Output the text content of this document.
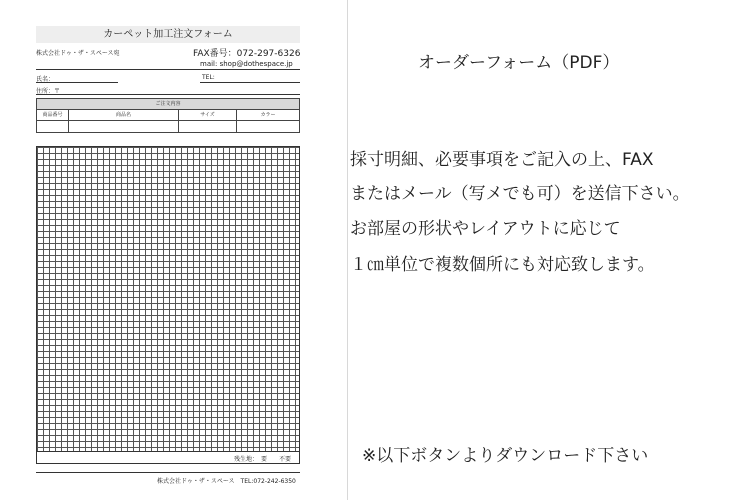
カーペット加工注文フォーム
株式会社ドゥ・ザ・スペース宛	FAX番号：072-297-6326
mail: shop@dothespace.jp
氏名：	TEL:
住所：〒
ご注文内容
商品番号	商品名	サイズ	カラー
残生地：　要　　不要
株式会社ドゥ・ザ・スペース　TEL:072-242-6350
オーダーフォーム（PDF）
採寸明細、必要事項をご記入の上、FAX
またはメール（写メでも可）を送信下さい。
お部屋の形状やレイアウトに応じて
１㎝単位で複数個所にも対応致します。
※以下ボタンよりダウンロード下さい
